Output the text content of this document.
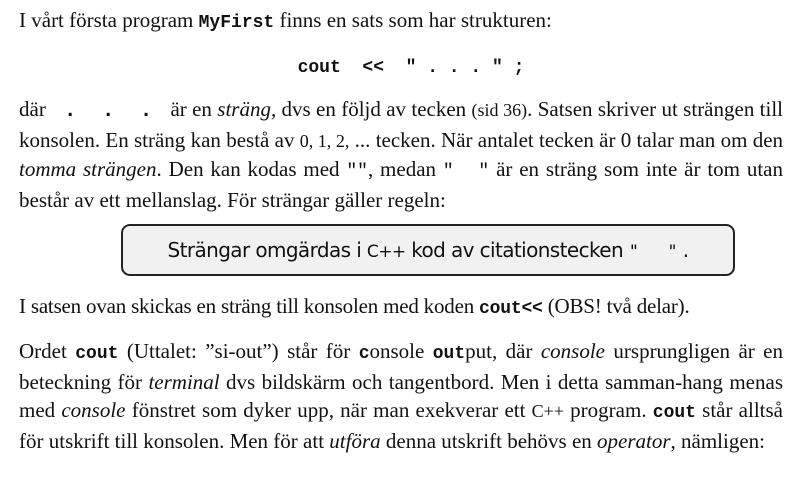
I vårt första program MyFirst finns en sats som har strukturen:

cout  <<  " . . . " ;

där  .  .  .  är en sträng, dvs en följd av tecken (sid 36). Satsen skriver ut strängen till konsolen. En sträng kan bestå av 0, 1, 2, ... tecken. När antalet tecken är 0 talar man om den tomma strängen. Den kan kodas med "", medan "  " är en sträng som inte är tom utan består av ett mellanslag. För strängar gäller regeln:

Strängar omgärdas i C++ kod av citationstecken "   " .

I satsen ovan skickas en sträng till konsolen med koden cout<< (OBS! två delar).

Ordet cout (Uttalet: ”si-out”) står för console output, där console ursprungligen är en beteckning för terminal dvs bildskärm och tangentbord. Men i detta samman-hang menas med console fönstret som dyker upp, när man exekverar ett C++ program. cout står alltså för utskrift till konsolen. Men för att utföra denna utskrift behövs en operator, nämligen:
